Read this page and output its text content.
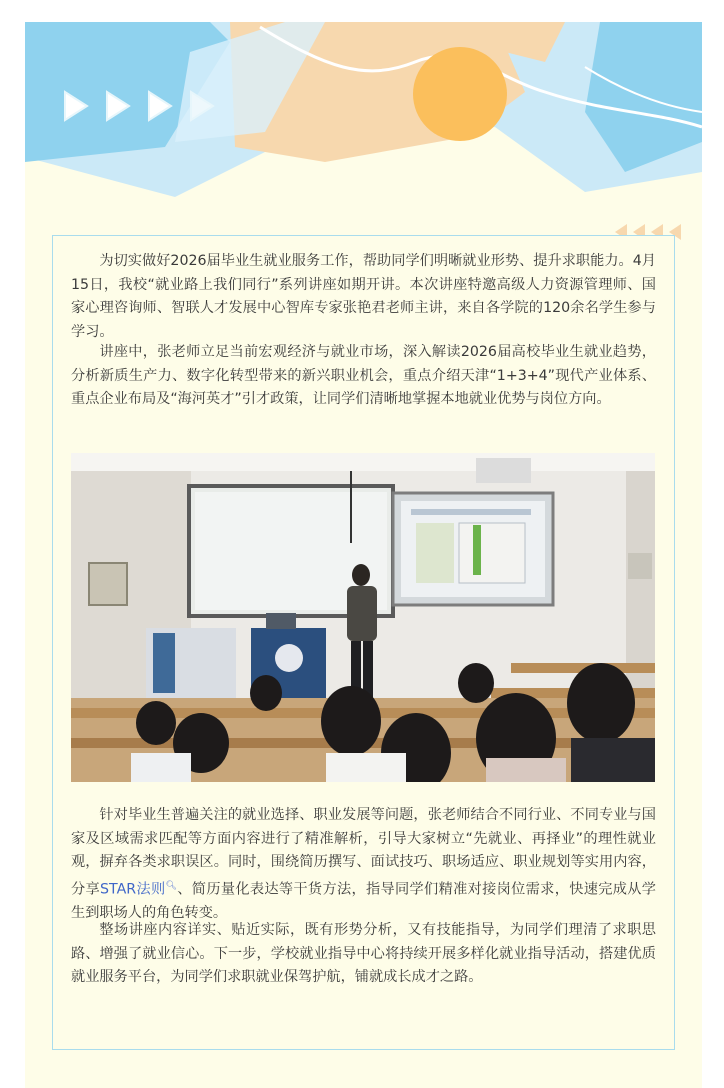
为切实做好2026届毕业生就业服务工作，帮助同学们明晰就业形势、提升求职能力。4月15日，我校“就业路上我们同行”系列讲座如期开讲。本次讲座特邀高级人力资源管理师、国家心理咨询师、智联人才发展中心智库专家张艳君老师主讲，来自各学院的120余名学生参与学习。

讲座中，张老师立足当前宏观经济与就业市场，深入解读2026届高校毕业生就业趋势，分析新质生产力、数字化转型带来的新兴职业机会，重点介绍天津“1+3+4”现代产业体系、重点企业布局及“海河英才”引才政策，让同学们清晰地掌握本地就业优势与岗位方向。

针对毕业生普遍关注的就业选择、职业发展等问题，张老师结合不同行业、不同专业与国家及区域需求匹配等方面内容进行了精准解析，引导大家树立“先就业、再择业”的理性就业观，摒弃各类求职误区。同时，围绕简历撰写、面试技巧、职场适应、职业规划等实用内容，分享STAR法则🔍︎、简历量化表达等干货方法，指导同学们精准对接岗位需求，快速完成从学生到职场人的角色转变。

整场讲座内容详实、贴近实际，既有形势分析，又有技能指导，为同学们理清了求职思路、增强了就业信心。下一步，学校就业指导中心将持续开展多样化就业指导活动，搭建优质就业服务平台，为同学们求职就业保驾护航，铺就成长成才之路。
